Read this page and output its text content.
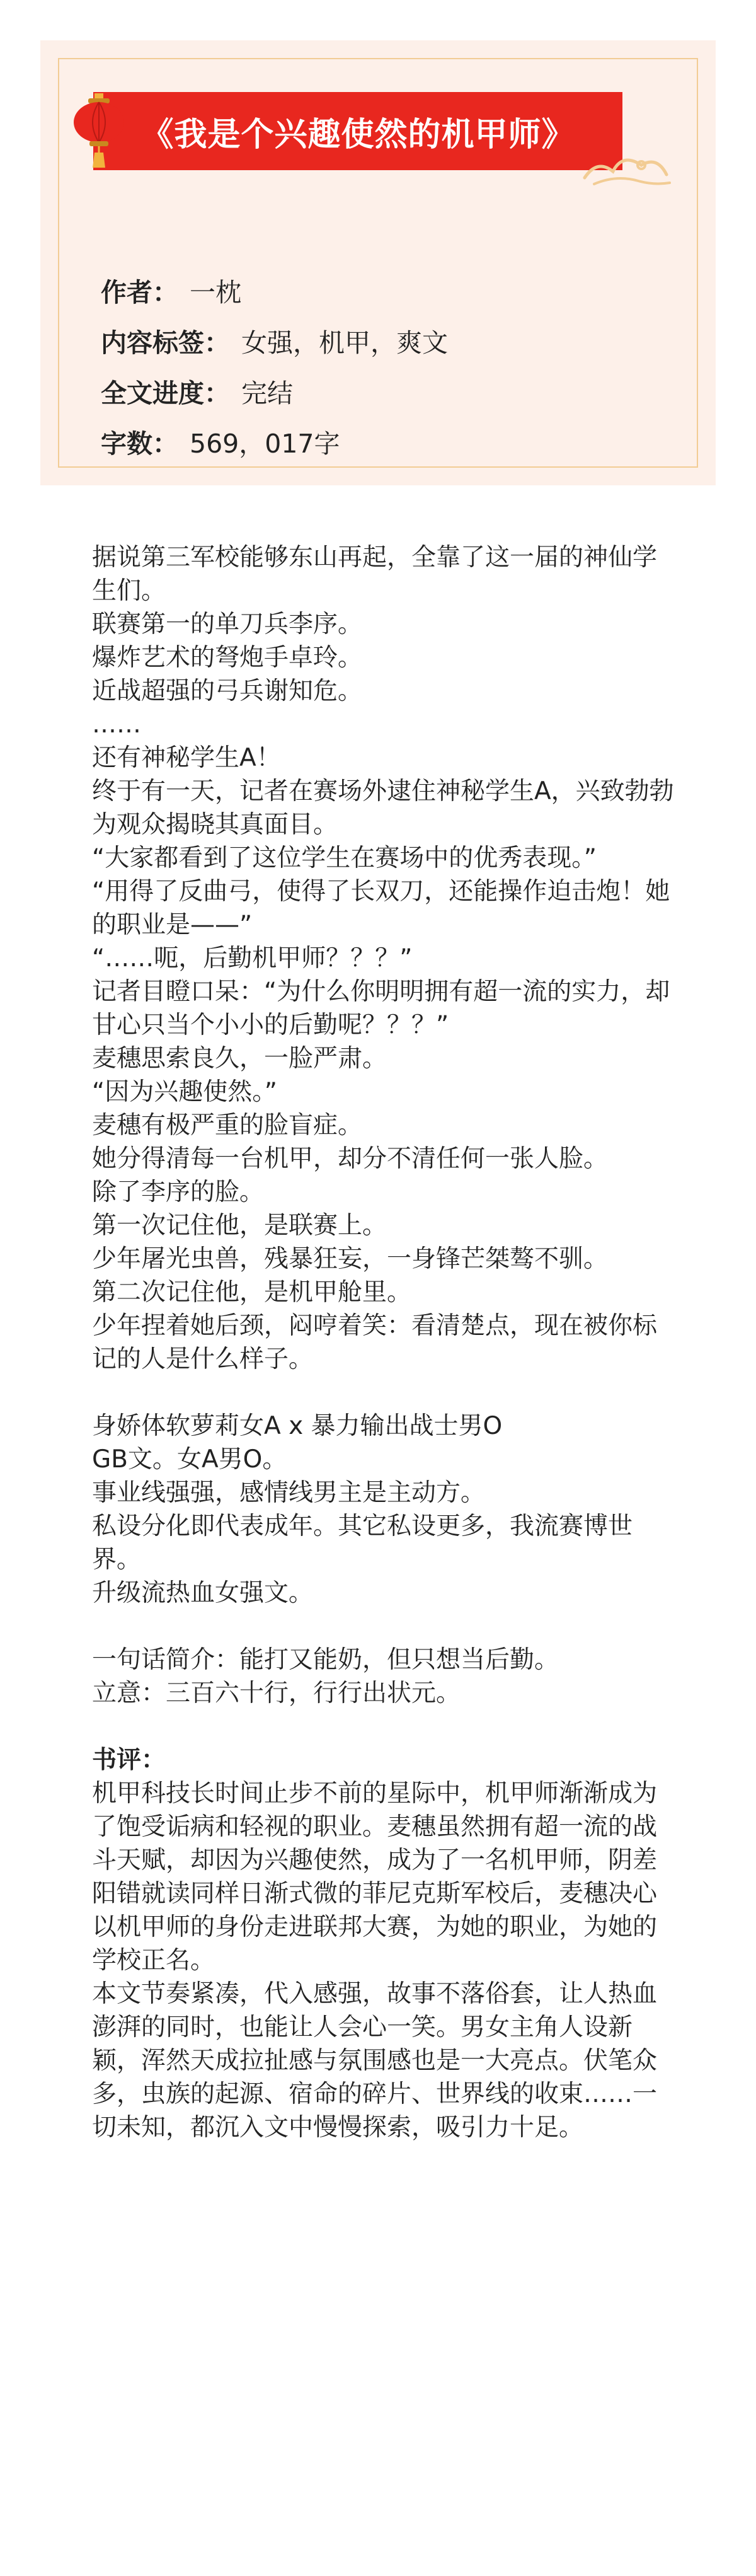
《我是个兴趣使然的机甲师》
作者： 一枕
内容标签： 女强，机甲，爽文
全文进度： 完结
字数： 569，017字

据说第三军校能够东山再起，全靠了这一届的神仙学生们。

联赛第一的单刀兵李序。

爆炸艺术的弩炮手卓玲。

近战超强的弓兵谢知危。

……

还有神秘学生A！

终于有一天，记者在赛场外逮住神秘学生A，兴致勃勃为观众揭晓其真面目。

“大家都看到了这位学生在赛场中的优秀表现。”

“用得了反曲弓，使得了长双刀，还能操作迫击炮！她的职业是——”

“……呃，后勤机甲师？？？”

记者目瞪口呆：“为什么你明明拥有超一流的实力，却甘心只当个小小的后勤呢？？？”

麦穗思索良久，一脸严肃。

“因为兴趣使然。”

麦穗有极严重的脸盲症。

她分得清每一台机甲，却分不清任何一张人脸。

除了李序的脸。

第一次记住他，是联赛上。

少年屠光虫兽，残暴狂妄，一身锋芒桀骜不驯。

第二次记住他，是机甲舱里。

少年捏着她后颈，闷哼着笑：看清楚点，现在被你标记的人是什么样子。

身娇体软萝莉女A x 暴力输出战士男O

GB文。女A男O。

事业线强强，感情线男主是主动方。

私设分化即代表成年。其它私设更多，我流赛博世界。

升级流热血女强文。

一句话简介：能打又能奶，但只想当后勤。

立意：三百六十行，行行出状元。

书评：

机甲科技长时间止步不前的星际中，机甲师渐渐成为了饱受诟病和轻视的职业。麦穗虽然拥有超一流的战斗天赋，却因为兴趣使然，成为了一名机甲师，阴差阳错就读同样日渐式微的菲尼克斯军校后，麦穗决心以机甲师的身份走进联邦大赛，为她的职业，为她的学校正名。

本文节奏紧凑，代入感强，故事不落俗套，让人热血澎湃的同时，也能让人会心一笑。男女主角人设新颖，浑然天成拉扯感与氛围感也是一大亮点。伏笔众多，虫族的起源、宿命的碎片、世界线的收束……一切未知，都沉入文中慢慢探索，吸引力十足。
